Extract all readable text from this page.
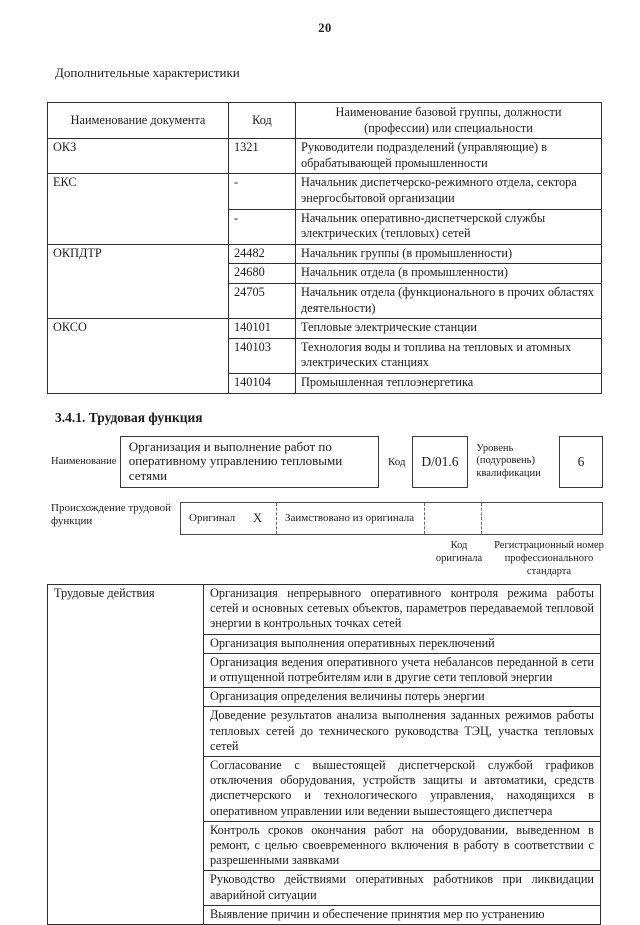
20
Дополнительные характеристики
Наименование документа	Код	Наименование базовой группы, должности (профессии) или специальности
ОКЗ	1321	Руководители подразделений (управляющие) в обрабатывающей промышленности
ЕКС	-	Начальник диспетчерско-режимного отдела, сектора энергосбытовой организации
	-	Начальник оперативно-диспетчерской службы электрических (тепловых) сетей
ОКПДТР	24482	Начальник группы (в промышленности)
	24680	Начальник отдела (в промышленности)
	24705	Начальник отдела (функционального в прочих областях деятельности)
ОКСО	140101	Тепловые электрические станции
	140103	Технология воды и топлива на тепловых и атомных электрических станциях
	140104	Промышленная теплоэнергетика
3.4.1. Трудовая функция
Наименование
Организация и выполнение работ по оперативному управлению тепловыми сетями
Код	D/01.6
Уровень (подуровень) квалификации
6
Происхождение трудовой функции	Оригинал X	Заимствовано из оригинала
Код оригинала
Регистрационный номер профессионального стандарта
Трудовые действия	Организация непрерывного оперативного контроля режима работы сетей и основных сетевых объектов, параметров передаваемой тепловой энергии в контрольных точках сетей
Организация выполнения оперативных переключений
Организация ведения оперативного учета небалансов переданной в сети и отпущенной потребителям или в другие сети тепловой энергии
Организация определения величины потерь энергии
Доведение результатов анализа выполнения заданных режимов работы тепловых сетей до технического руководства ТЭЦ, участка тепловых сетей
Согласование с вышестоящей диспетчерской службой графиков отключения оборудования, устройств защиты и автоматики, средств диспетчерского и технологического управления, находящихся в оперативном управлении или ведении вышестоящего диспетчера
Контроль сроков окончания работ на оборудовании, выведенном в ремонт, с целью своевременного включения в работу в соответствии с разрешенными заявками
Руководство действиями оперативных работников при ликвидации аварийной ситуации
Выявление причин и обеспечение принятия мер по устранению
